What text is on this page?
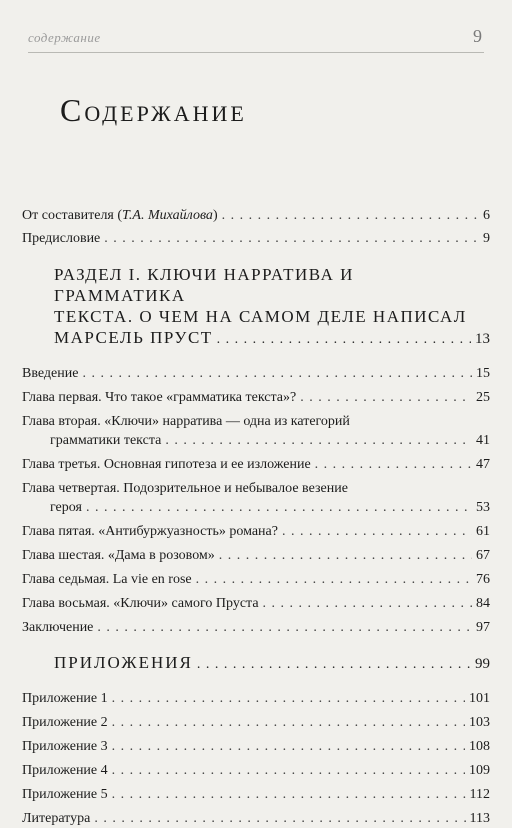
содержание	9
Содержание
От составителя (Т.А. Михайлова) . . .	6
Предисловие . . .	9
РАЗДЕЛ I. КЛЮЧИ НАРРАТИВА И ГРАММАТИКА
ТЕКСТА. О ЧЕМ НА САМОМ ДЕЛЕ НАПИСАЛ
МАРСЕЛЬ ПРУСТ . . .	13
Введение . . .	15
Глава первая. Что такое «грамматика текста»? . . .	25
Глава вторая. «Ключи» нарратива — одна из категорий
грамматики текста . . .	41
Глава третья. Основная гипотеза и ее изложение . . .	47
Глава четвертая. Подозрительное и небывалое везение
героя . . .	53
Глава пятая. «Антибуржуазность» романа? . . .	61
Глава шестая. «Дама в розовом» . . .	67
Глава седьмая. La vie en rose . . .	76
Глава восьмая. «Ключи» самого Пруста . . .	84
Заключение . . .	97
ПРИЛОЖЕНИЯ . . .	99
Приложение 1 . . .	101
Приложение 2 . . .	103
Приложение 3 . . .	108
Приложение 4 . . .	109
Приложение 5 . . .	112
Литература . . .	113
